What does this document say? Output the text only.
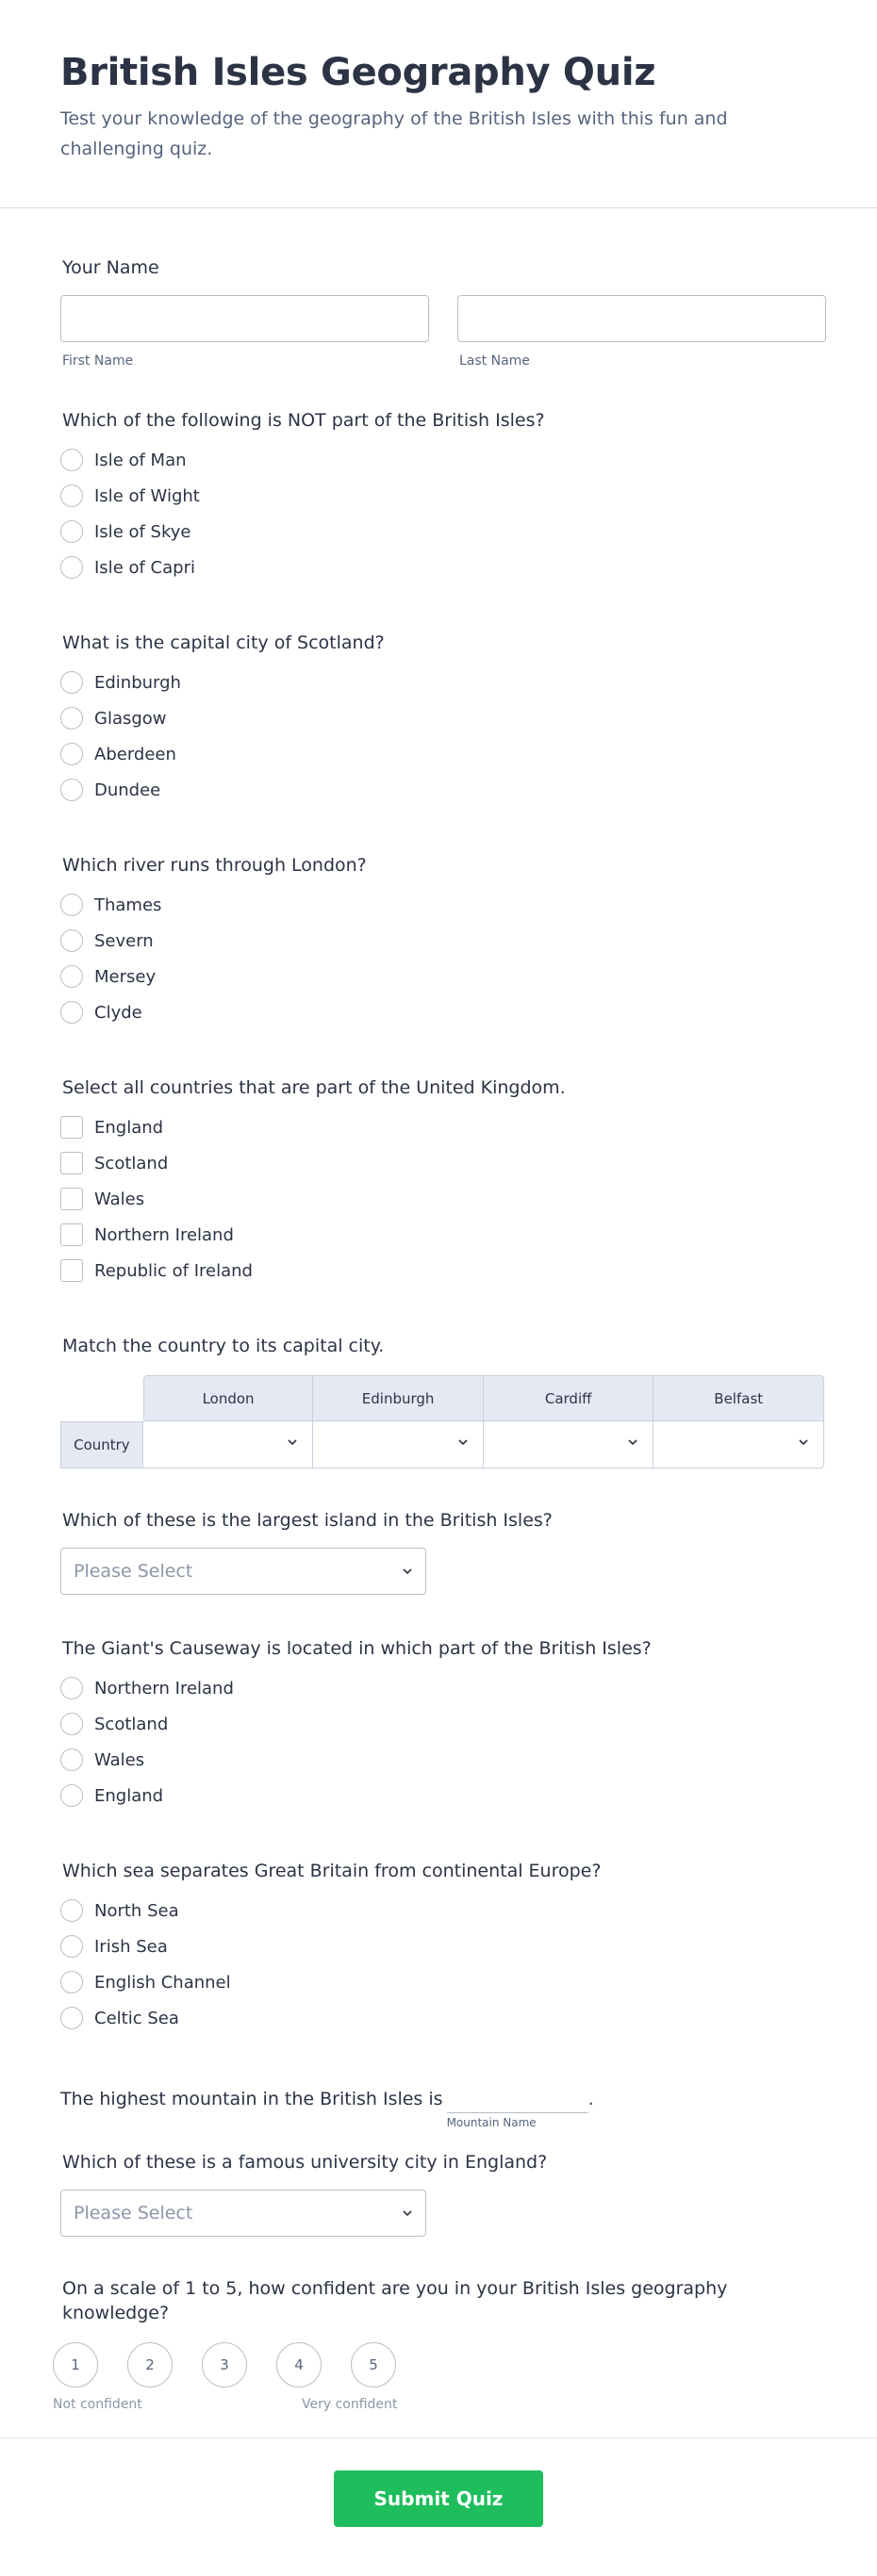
British Isles Geography Quiz

Test your knowledge of the geography of the British Isles with this fun and challenging quiz.

Your Name
First Name	Last Name
Which of the following is NOT part of the British Isles?
Isle of Man
Isle of Wight
Isle of Skye
Isle of Capri
What is the capital city of Scotland?
Edinburgh
Glasgow
Aberdeen
Dundee
Which river runs through London?
Thames
Severn
Mersey
Clyde
Select all countries that are part of the United Kingdom.
England
Scotland
Wales
Northern Ireland
Republic of Ireland
Match the country to its capital city.
London	Edinburgh	Cardiff	Belfast
Country
Which of these is the largest island in the British Isles?
Please Select
The Giant's Causeway is located in which part of the British Isles?
Northern Ireland
Scotland
Wales
England
Which sea separates Great Britain from continental Europe?
North Sea
Irish Sea
English Channel
Celtic Sea
The highest mountain in the British Isles is
Mountain Name
.
Which of these is a famous university city in England?
Please Select
On a scale of 1 to 5, how confident are you in your British Isles geography knowledge?
1	2	3	4	5
Not confident	Very confident
Submit Quiz
